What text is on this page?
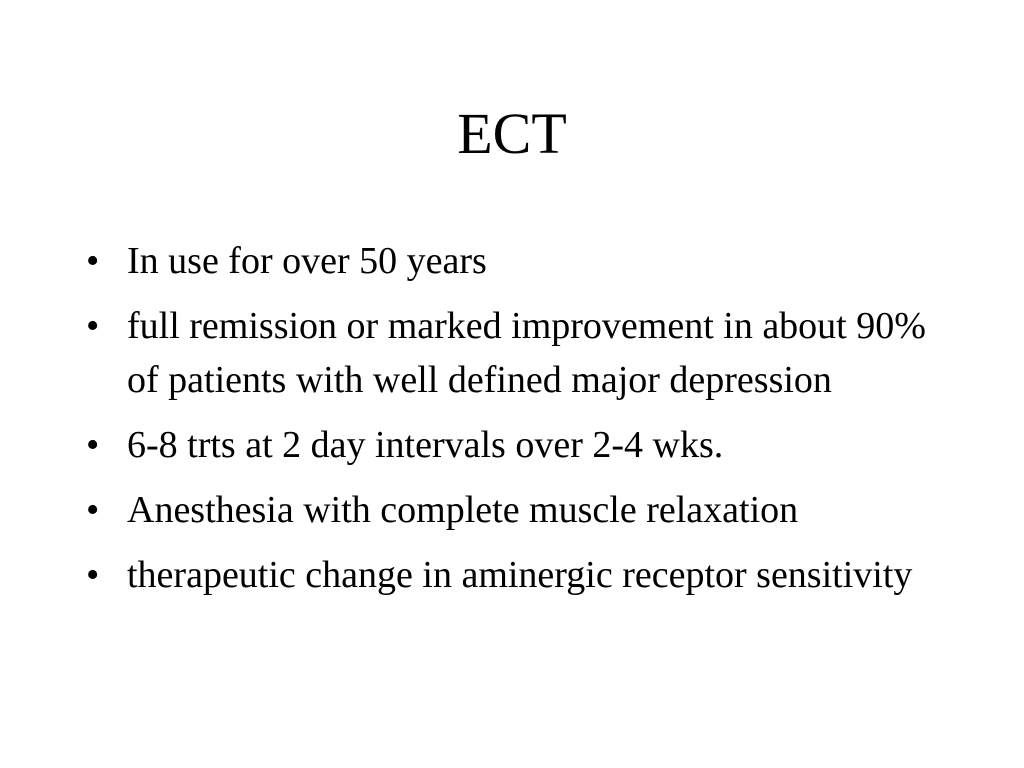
ECT
• In use for over 50 years
• full remission or marked improvement in about 90% of patients with well defined major depression
• 6-8 trts at 2 day intervals over 2-4 wks.
• Anesthesia with complete muscle relaxation
• therapeutic change in aminergic receptor sensitivity
